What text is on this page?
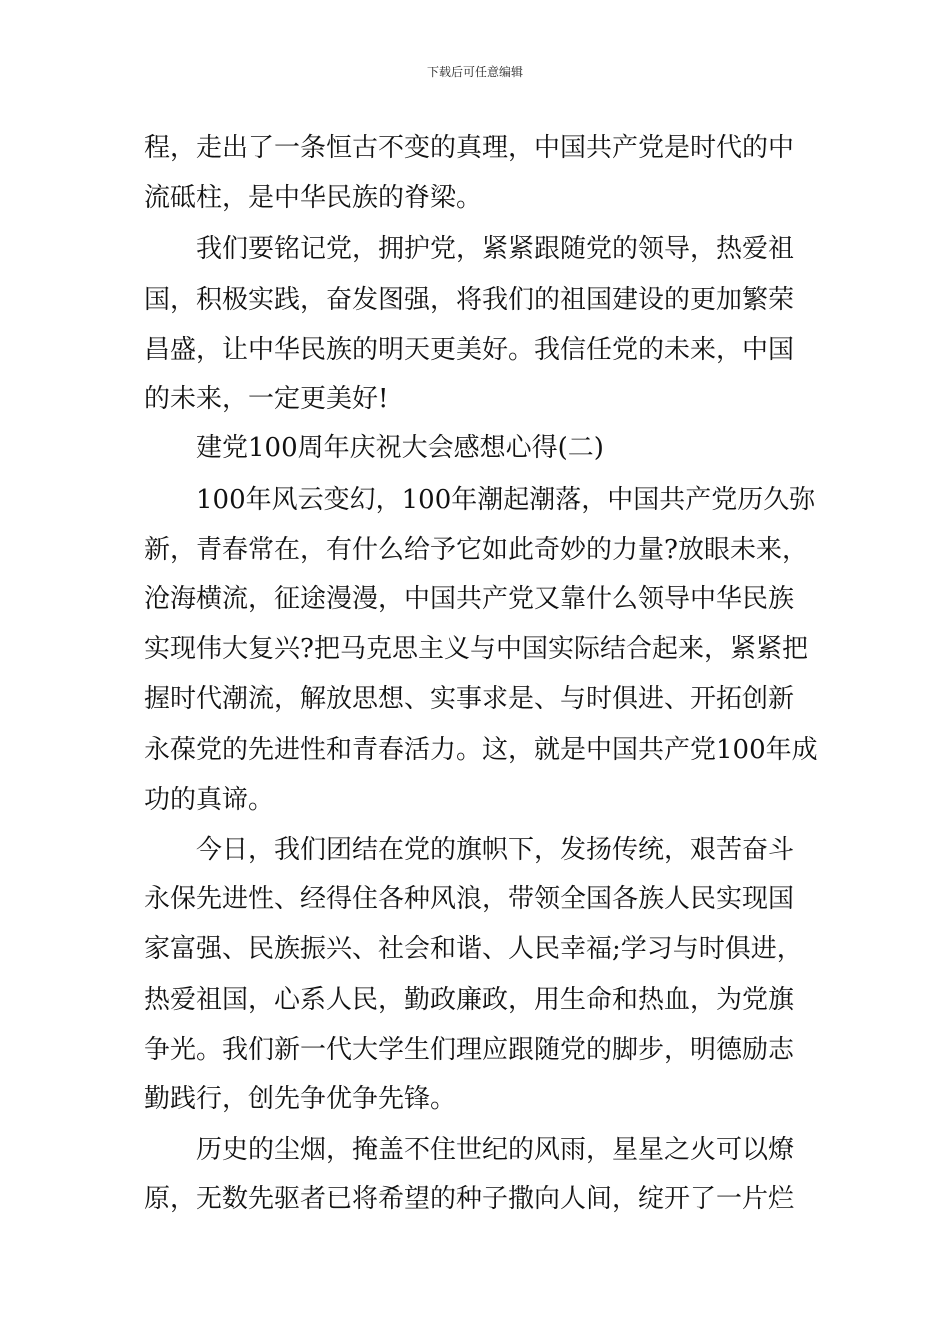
下载后可任意编辑
程，走出了一条恒古不变的真理，中国共产党是时代的中
流砥柱，是中华民族的脊梁。
我们要铭记党，拥护党，紧紧跟随党的领导，热爱祖
国，积极实践，奋发图强，将我们的祖国建设的更加繁荣
昌盛，让中华民族的明天更美好。我信任党的未来，中国
的未来，一定更美好!
建党100周年庆祝大会感想心得(二)
100年风云变幻，100年潮起潮落，中国共产党历久弥
新，青春常在，有什么给予它如此奇妙的力量?放眼未来，
沧海横流，征途漫漫，中国共产党又靠什么领导中华民族
实现伟大复兴?把马克思主义与中国实际结合起来，紧紧把
握时代潮流，解放思想、实事求是、与时俱进、开拓创新
永葆党的先进性和青春活力。这，就是中国共产党100年成
功的真谛。
今日，我们团结在党的旗帜下，发扬传统，艰苦奋斗
永保先进性、经得住各种风浪，带领全国各族人民实现国
家富强、民族振兴、社会和谐、人民幸福;学习与时俱进，
热爱祖国，心系人民，勤政廉政，用生命和热血，为党旗
争光。我们新一代大学生们理应跟随党的脚步，明德励志
勤践行，创先争优争先锋。
历史的尘烟，掩盖不住世纪的风雨，星星之火可以燎
原，无数先驱者已将希望的种子撒向人间，绽开了一片烂
